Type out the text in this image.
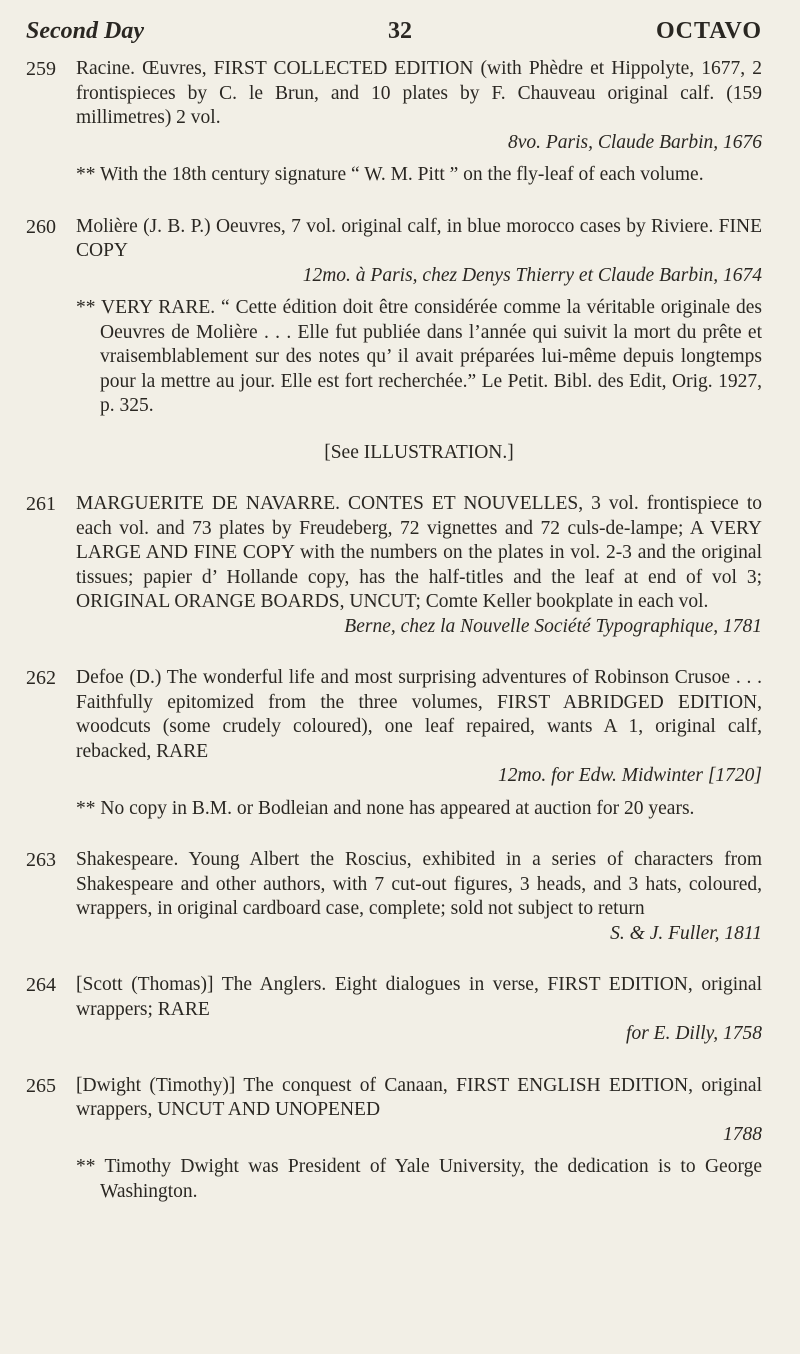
Second Day	32	OCTAVO
259	Racine. Œuvres, FIRST COLLECTED EDITION (with Phèdre et Hippolyte, 1677, 2 frontispieces by C. le Brun, and 10 plates by F. Chauveau original calf. (159 millimetres) 2 vol.
8vo. Paris, Claude Barbin, 1676
** With the 18th century signature “ W. M. Pitt ” on the fly-leaf of each volume.
260	Molière (J. B. P.) Oeuvres, 7 vol. original calf, in blue morocco cases by Riviere. FINE COPY
12mo. à Paris, chez Denys Thierry et Claude Barbin, 1674
** VERY RARE. “ Cette édition doit être considérée comme la véritable originale des Oeuvres de Molière . . . Elle fut publiée dans l’année qui suivit la mort du prête et vraisemblablement sur des notes qu’ il avait préparées lui-même depuis longtemps pour la mettre au jour. Elle est fort recherchée.” Le Petit. Bibl. des Edit, Orig. 1927, p. 325.
[See ILLUSTRATION.]
261	MARGUERITE DE NAVARRE. CONTES ET NOUVELLES, 3 vol. frontispiece to each vol. and 73 plates by Freudeberg, 72 vignettes and 72 culs-de-lampe; A VERY LARGE AND FINE COPY with the numbers on the plates in vol. 2-3 and the original tissues; papier d’ Hollande copy, has the half-titles and the leaf at end of vol 3; ORIGINAL ORANGE BOARDS, UNCUT; Comte Keller bookplate in each vol.
Berne, chez la Nouvelle Société Typographique, 1781
262	Defoe (D.) The wonderful life and most surprising adventures of Robinson Crusoe . . . Faithfully epitomized from the three volumes, FIRST ABRIDGED EDITION, woodcuts (some crudely coloured), one leaf repaired, wants A 1, original calf, rebacked, RARE
12mo. for Edw. Midwinter [1720]
** No copy in B.M. or Bodleian and none has appeared at auction for 20 years.
263	Shakespeare. Young Albert the Roscius, exhibited in a series of characters from Shakespeare and other authors, with 7 cut-out figures, 3 heads, and 3 hats, coloured, wrappers, in original cardboard case, complete; sold not subject to return
S. & J. Fuller, 1811
264	[Scott (Thomas)] The Anglers. Eight dialogues in verse, FIRST EDITION, original wrappers; RARE
for E. Dilly, 1758
265	[Dwight (Timothy)] The conquest of Canaan, FIRST ENGLISH EDITION, original wrappers, UNCUT AND UNOPENED
1788
** Timothy Dwight was President of Yale University, the dedication is to George Washington.
